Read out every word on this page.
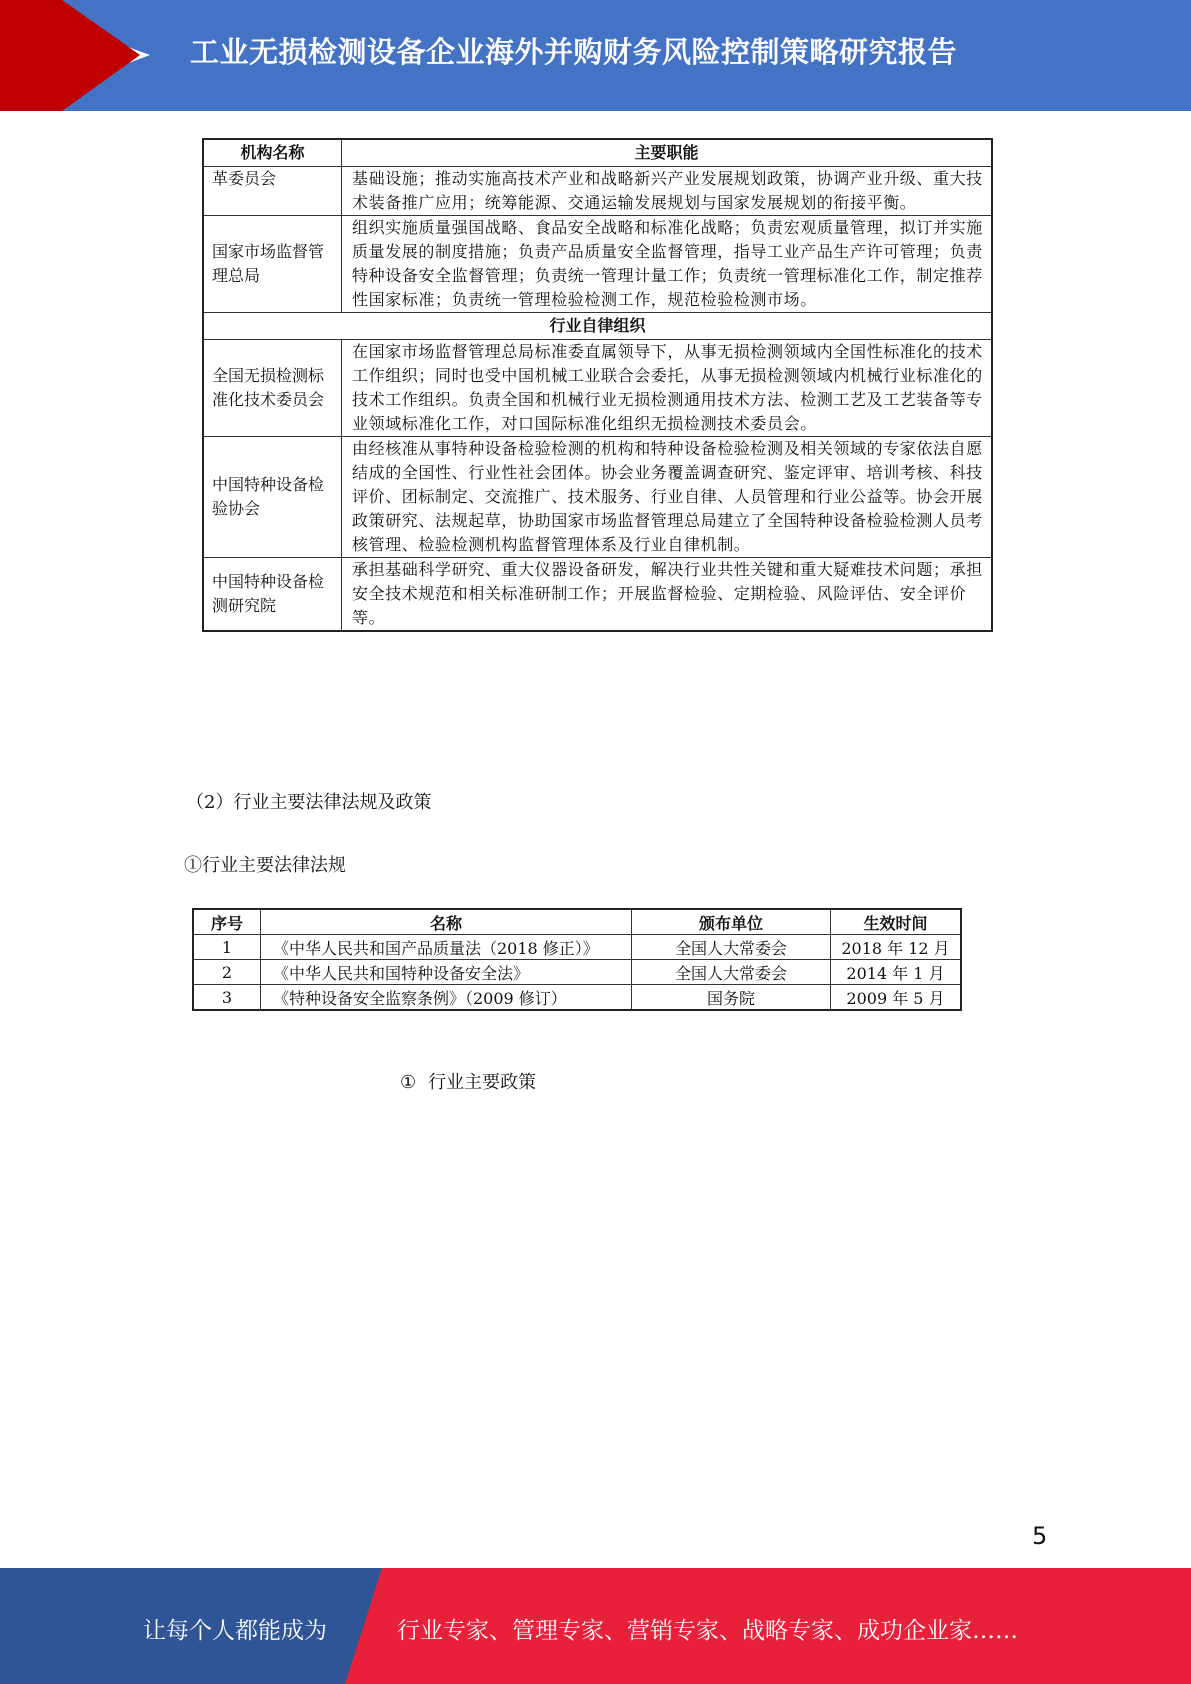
工业无损检测设备企业海外并购财务风险控制策略研究报告
机构名称	主要职能
革委员会	基础设施；推动实施高技术产业和战略新兴产业发展规划政策，协调产业升级、重大技术装备推广应用；统筹能源、交通运输发展规划与国家发展规划的衔接平衡。
国家市场监督管理总局	组织实施质量强国战略、食品安全战略和标准化战略；负责宏观质量管理，拟订并实施质量发展的制度措施；负责产品质量安全监督管理，指导工业产品生产许可管理；负责特种设备安全监督管理；负责统一管理计量工作；负责统一管理标准化工作，制定推荐性国家标准；负责统一管理检验检测工作，规范检验检测市场。
行业自律组织	
全国无损检测标准化技术委员会	在国家市场监督管理总局标准委直属领导下，从事无损检测领域内全国性标准化的技术工作组织；同时也受中国机械工业联合会委托，从事无损检测领域内机械行业标准化的技术工作组织。负责全国和机械行业无损检测通用技术方法、检测工艺及工艺装备等专业领域标准化工作，对口国际标准化组织无损检测技术委员会。
中国特种设备检验协会	由经核准从事特种设备检验检测的机构和特种设备检验检测及相关领域的专家依法自愿结成的全国性、行业性社会团体。协会业务覆盖调查研究、鉴定评审、培训考核、科技评价、团标制定、交流推广、技术服务、行业自律、人员管理和行业公益等。协会开展政策研究、法规起草，协助国家市场监督管理总局建立了全国特种设备检验检测人员考核管理、检验检测机构监督管理体系及行业自律机制。
中国特种设备检测研究院	承担基础科学研究、重大仪器设备研发，解决行业共性关键和重大疑难技术问题；承担安全技术规范和相关标准研制工作；开展监督检验、定期检验、风险评估、安全评价等。
（2）行业主要法律法规及政策
①行业主要法律法规
序号	名称	颁布单位	生效时间
1	《中华人民共和国产品质量法（2018 修正）》	全国人大常委会	2018 年 12 月
2	《中华人民共和国特种设备安全法》	全国人大常委会	2014 年 1 月
3	《特种设备安全监察条例》（2009 修订）	国务院	2009 年 5 月
① 行业主要政策
5
让每个人都能成为	行业专家、管理专家、营销专家、战略专家、成功企业家……
